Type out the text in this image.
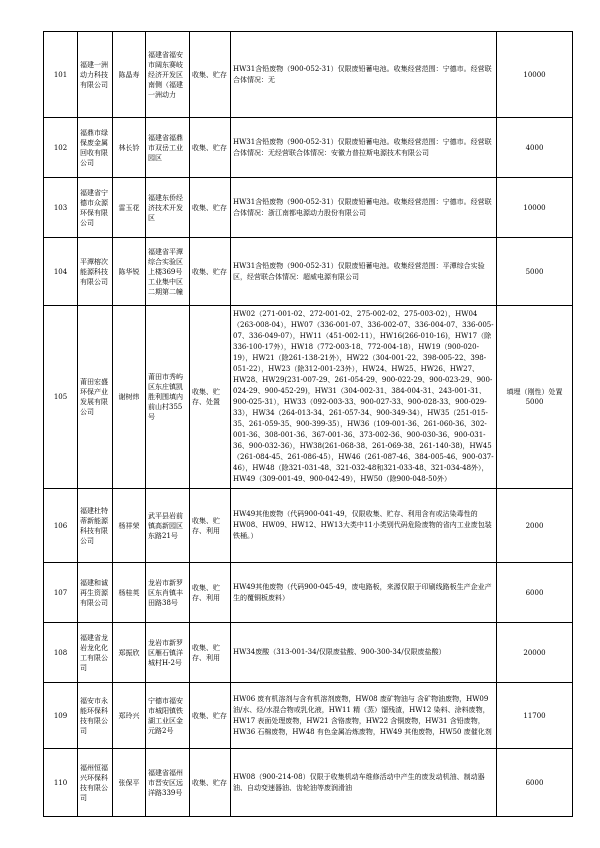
101	福建一洲动力科技有限公司	陈晶寿	福建省福安市阔东赛岐经济开发区南侧（福建一洲动力	收集、贮存	HW31含铅废物（900-052-31）仅限废铅蓄电池。收集经营范围：宁德市。经营联合体情况：无	10000

102	福鼎市绿保废金属回收有限公司	林长钤	福建省福鼎市双岳工业园区	收集、贮存	HW31含铅废物（900-052-31）仅限废铅蓄电池。收集经营范围：宁德市。经营联合体情况：无经营联合体情况：安徽力普拉斯电源技术有限公司	4000

103	福建省宁德市众源环保有限公司	雷玉花	福建东侨经济技术开发区	收集、贮存	HW31含铅废物（900-052-31）仅限废铅蓄电池。收集经营范围：宁德市。经营联合体情况：浙江南都电源动力股份有限公司	10000

104	平潭榕次能源科技有限公司	陈华锐	福建省平潭综合实验区上楼369号工业集中区二期第二幢	收集、贮存	HW31含铅废物（900-052-31）仅限废铅蓄电池。收集经营范围：平潭综合实验区，经营联合体情况：超威电源有限公司	5000

105	莆田宏盛环保产业发展有限公司	谢树炜	莆田市秀屿区东庄镇凯胜利围填内前山村355号	收集、贮存、处置	HW02（271-001-02、272-001-02、275-002-02、275-003-02），HW04（263-008-04），HW07（336-001-07、336-002-07、336-004-07、336-005-07、336-049-07），HW11（451-002-11），HW16(266-010-16)，HW17（除336-100-17外），HW18（772-003-18、772-004-18），HW19（900-020-19），HW21（除261-138-21外），HW22（304-001-22、398-005-22、398-051-22），HW23（除312-001-23外），HW24、HW25、HW26、HW27、HW28、HW29(231-007-29、261-054-29、900-022-29、900-023-29、900-024-29、900-452-29)，HW31（304-002-31、384-004-31、243-001-31、900-025-31），HW33（092-003-33、900-027-33、900-028-33、900-029-33），HW34（264-013-34、261-057-34、900-349-34），HW35（251-015-35、261-059-35、900-399-35），HW36（109-001-36、261-060-36、302-001-36、308-001-36、367-001-36、373-002-36、900-030-36、900-031-36、900-032-36），HW38(261-068-38、261-069-38、261-140-38)，HW45（261-084-45、261-086-45），HW46（261-087-46、384-005-46、900-037-46），HW48（除321-031-48、321-032-48和321-033-48、321-034-48外），HW49（309-001-49、900-042-49），HW50（除900-048-50外）	填埋（刚性）处置5000

106	福建杜特蒂新能源科技有限公司	杨祥荣	武平县岩前镇高新园区东路21号	收集、贮存、利用	HW49其他废物（代码900-041-49，仅限收集、贮存、利用含有或沾染毒性的HW08、HW09、HW12、HW13大类中11小类别代码危险废物的省内工业废包装铁桶。）	2000

107	福建和诚再生资源有限公司	杨桂英	龙岩市新罗区东肖镇丰田路38号	收集、贮存、利用	HW49其他废物（代码900-045-49，废电路板，来源仅限于印刷线路板生产企业产生的覆铜板废料）	6000

108	福建省龙岩龙化化工有限公司	郑振欣	龙岩市新罗区雁石镇洋城村H-2号	收集、贮存、利用	HW34废酸（313-001-34/仅限废盐酸、900-300-34/仅限废盐酸）	20000

109	福安市永能环保科技有限公司	郑玲兴	宁德市福安市城阳镇铁湖工业区金元路2号	收集、贮存	HW06 废有机溶剂与含有机溶剂废物，HW08 废矿物油与 含矿物油废物，HW09 油/水、烃/水混合物或乳化液，HW11 精（蒸）馏残渣，HW12 染料、涂料废物，HW17 表面处理废物，HW21 含铬废物，HW22 含铜废物，HW31 含铅废物，HW36 石棉废物，HW48 有色金属冶炼废物，HW49 其他废物，HW50 废催化剂	11700

110	福州恒福兴环保科技有限公司	张保平	福建省福州市晋安区远洋路339号	收集、贮存	HW08（900-214-08）仅限于收集机动车维修活动中产生的废发动机油、制动器油、自动变速器油、齿轮油等废润滑油	6000
